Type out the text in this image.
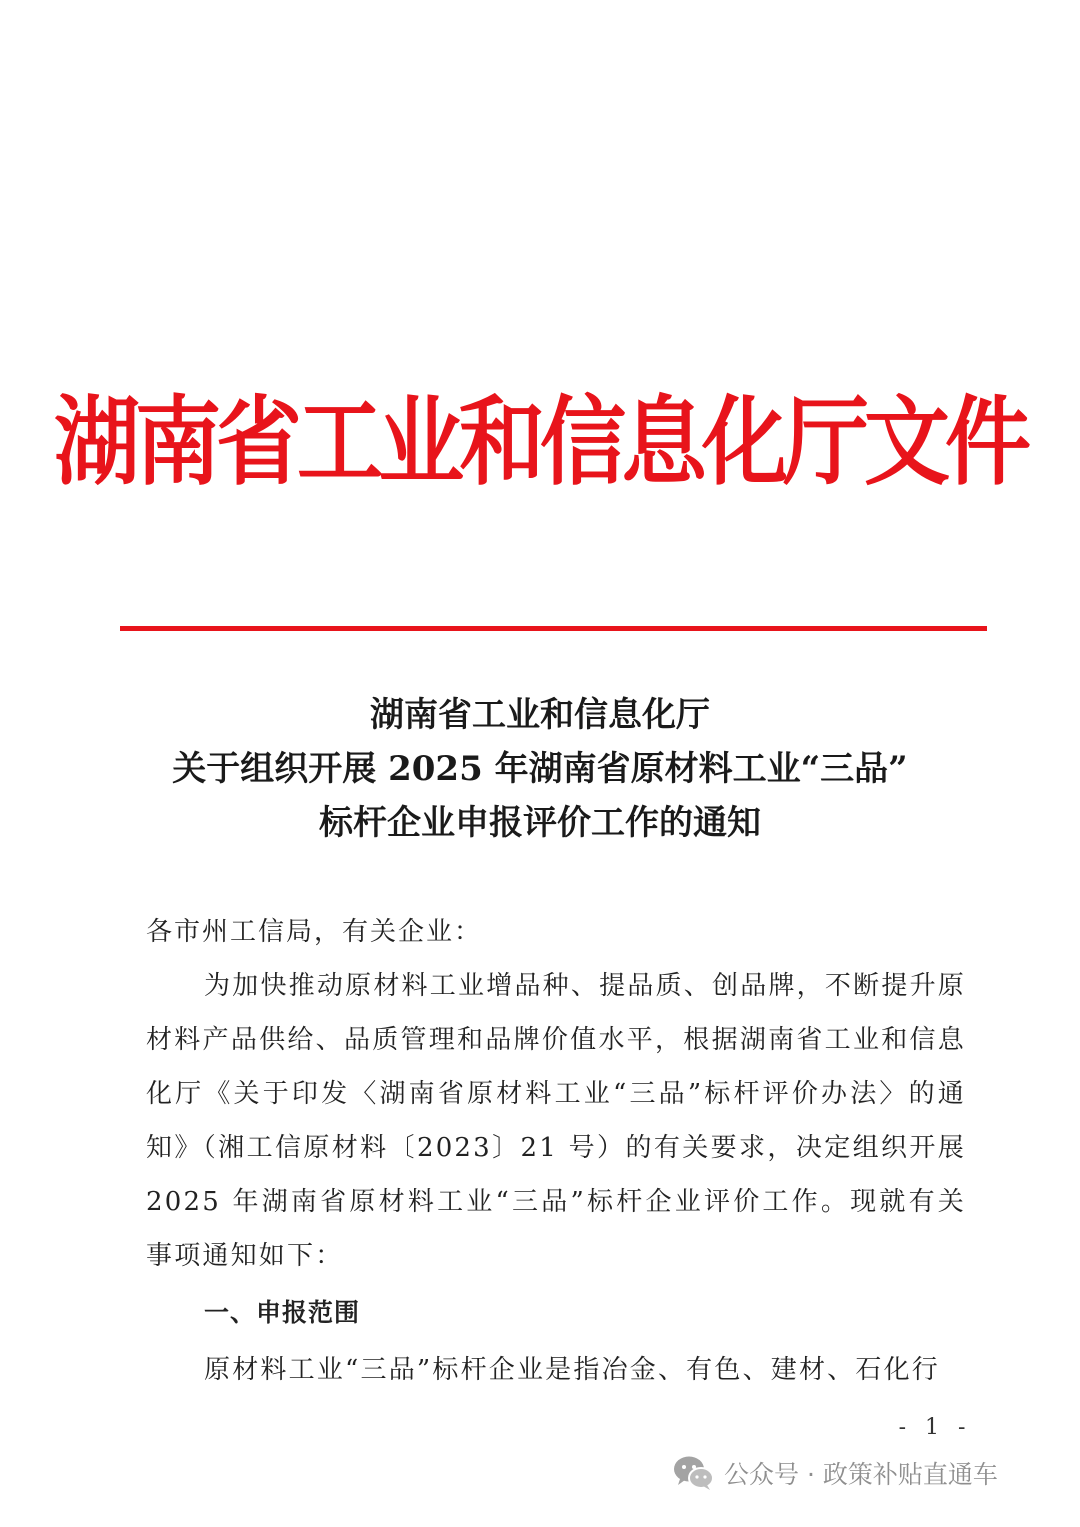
湖南省工业和信息化厅文件
湖南省工业和信息化厅
关于组织开展 2025 年湖南省原材料工业“三品”
标杆企业申报评价工作的通知

各市州工信局，有关企业：

为加快推动原材料工业增品种、提品质、创品牌，不断提升原材料产品供给、品质管理和品牌价值水平，根据湖南省工业和信息化厅《关于印发〈湖南省原材料工业“三品”标杆评价办法〉的通知》（湘工信原材料〔2023〕21 号）的有关要求，决定组织开展 2025 年湖南省原材料工业“三品”标杆企业评价工作。现就有关事项通知如下：

一、申报范围

原材料工业“三品”标杆企业是指冶金、有色、建材、石化行

- 1 -
公众号 · 政策补贴直通车
